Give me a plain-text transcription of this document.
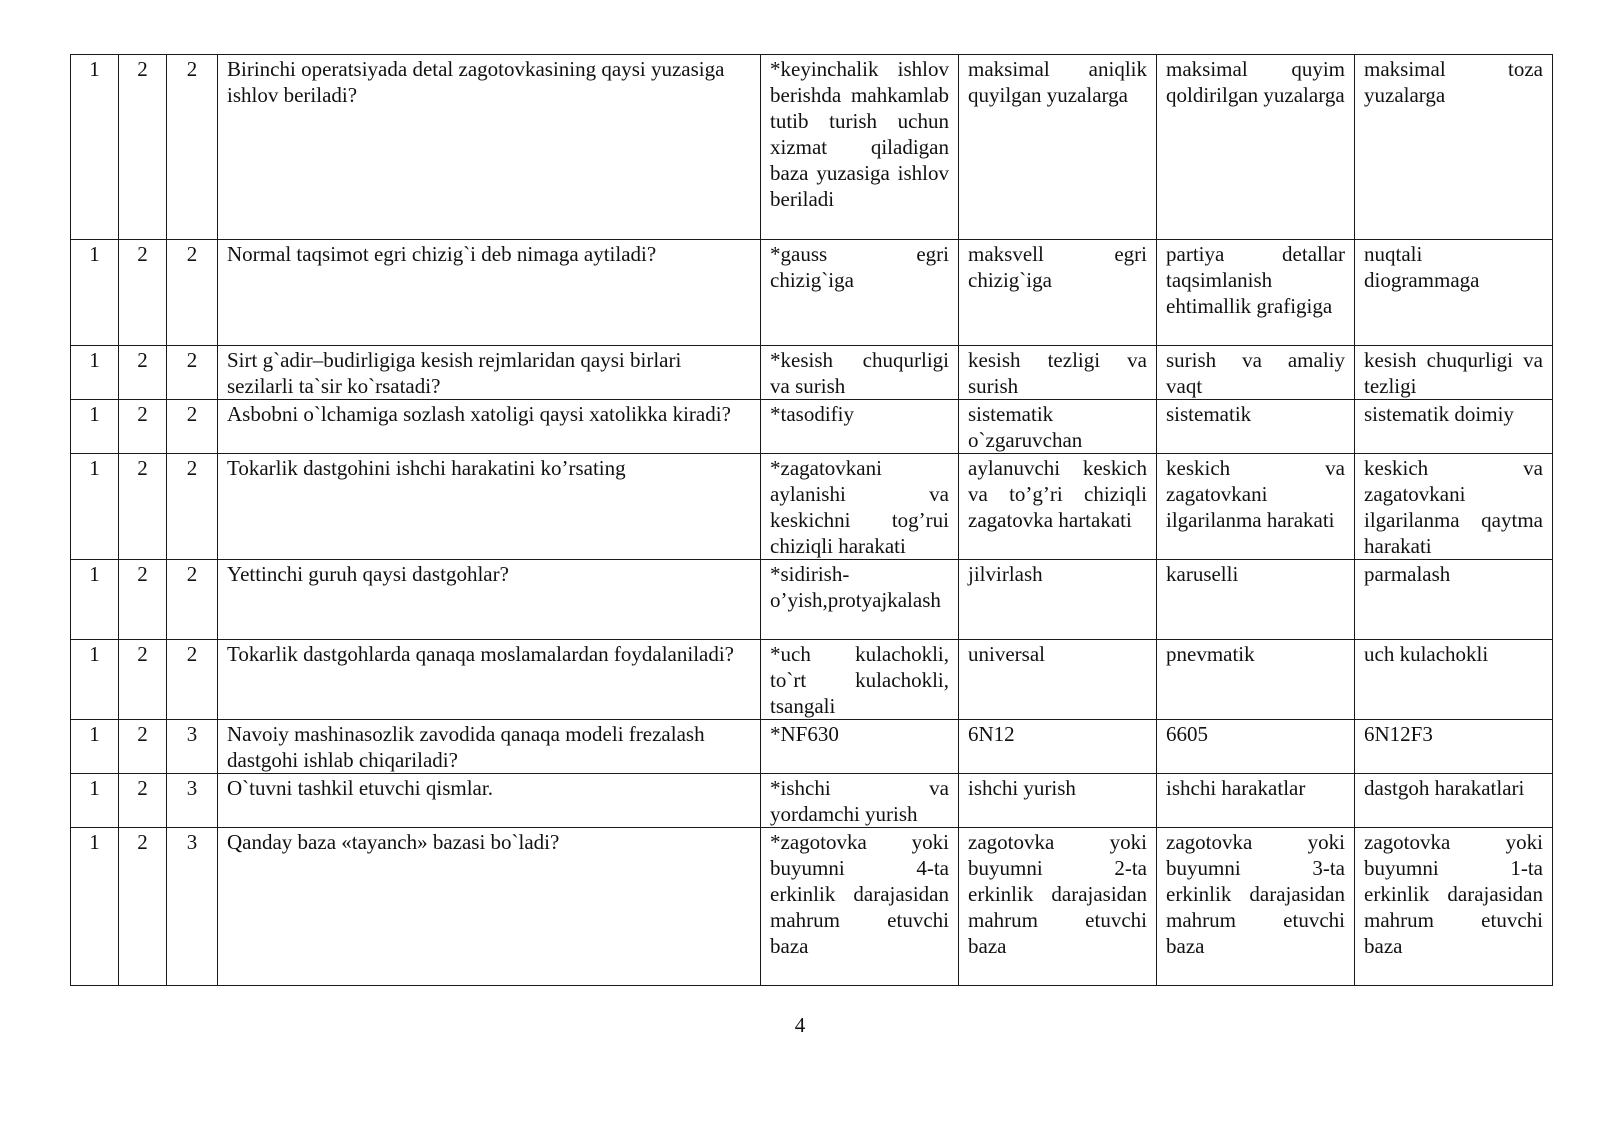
1	2	2	Birinchi operatsiyada detal zagotovkasining qaysi yuzasiga ishlov beriladi?	*keyinchalik ishlov berishda mahkamlab tutib turish uchun xizmat qiladigan baza yuzasiga ishlov beriladi	maksimal aniqlik quyilgan yuzalarga	maksimal quyim qoldirilgan yuzalarga	maksimal toza yuzalarga
1	2	2	Normal taqsimot egri chizig`i deb nimaga aytiladi?	*gauss egri chizig`iga	maksvell egri chizig`iga	partiya detallar taqsimlanish ehtimallik grafigiga	nuqtali diogrammaga
1	2	2	Sirt g`adir–budirligiga kesish rejmlaridan qaysi birlari sezilarli ta`sir ko`rsatadi?	*kesish chuqurligi va surish	kesish tezligi va surish	surish va amaliy vaqt	kesish chuqurligi va tezligi
1	2	2	Asbobni o`lchamiga sozlash xatoligi qaysi xatolikka kiradi?	*tasodifiy	sistematik o`zgaruvchan	sistematik	sistematik doimiy
1	2	2	Tokarlik dastgohini ishchi harakatini ko’rsating	*zagatovkani aylanishi va keskichni tog’rui chiziqli harakati	aylanuvchi keskich va to’g’ri chiziqli zagatovka hartakati	keskich va zagatovkani ilgarilanma harakati	keskich va zagatovkani ilgarilanma qaytma harakati
1	2	2	Yettinchi guruh qaysi dastgohlar?	*sidirish- o’yish,protyajkalash	jilvirlash	karuselli	parmalash
1	2	2	Tokarlik dastgohlarda qanaqa moslamalardan foydalaniladi?	*uch kulachokli, to`rt kulachokli, tsangali	universal	pnevmatik	uch kulachokli
1	2	3	Navoiy mashinasozlik zavodida qanaqa modeli frezalash dastgohi ishlab chiqariladi?	*NF630	6N12	6605	6N12F3
1	2	3	O`tuvni tashkil etuvchi qismlar.	*ishchi va yordamchi yurish	ishchi yurish	ishchi harakatlar	dastgoh harakatlari
1	2	3	Qanday baza «tayanch» bazasi bo`ladi?	*zagotovka yoki buyumni 4-ta erkinlik darajasidan mahrum etuvchi baza	zagotovka yoki buyumni 2-ta erkinlik darajasidan mahrum etuvchi baza	zagotovka yoki buyumni 3-ta erkinlik darajasidan mahrum etuvchi baza	zagotovka yoki buyumni 1-ta erkinlik darajasidan mahrum etuvchi baza
4
